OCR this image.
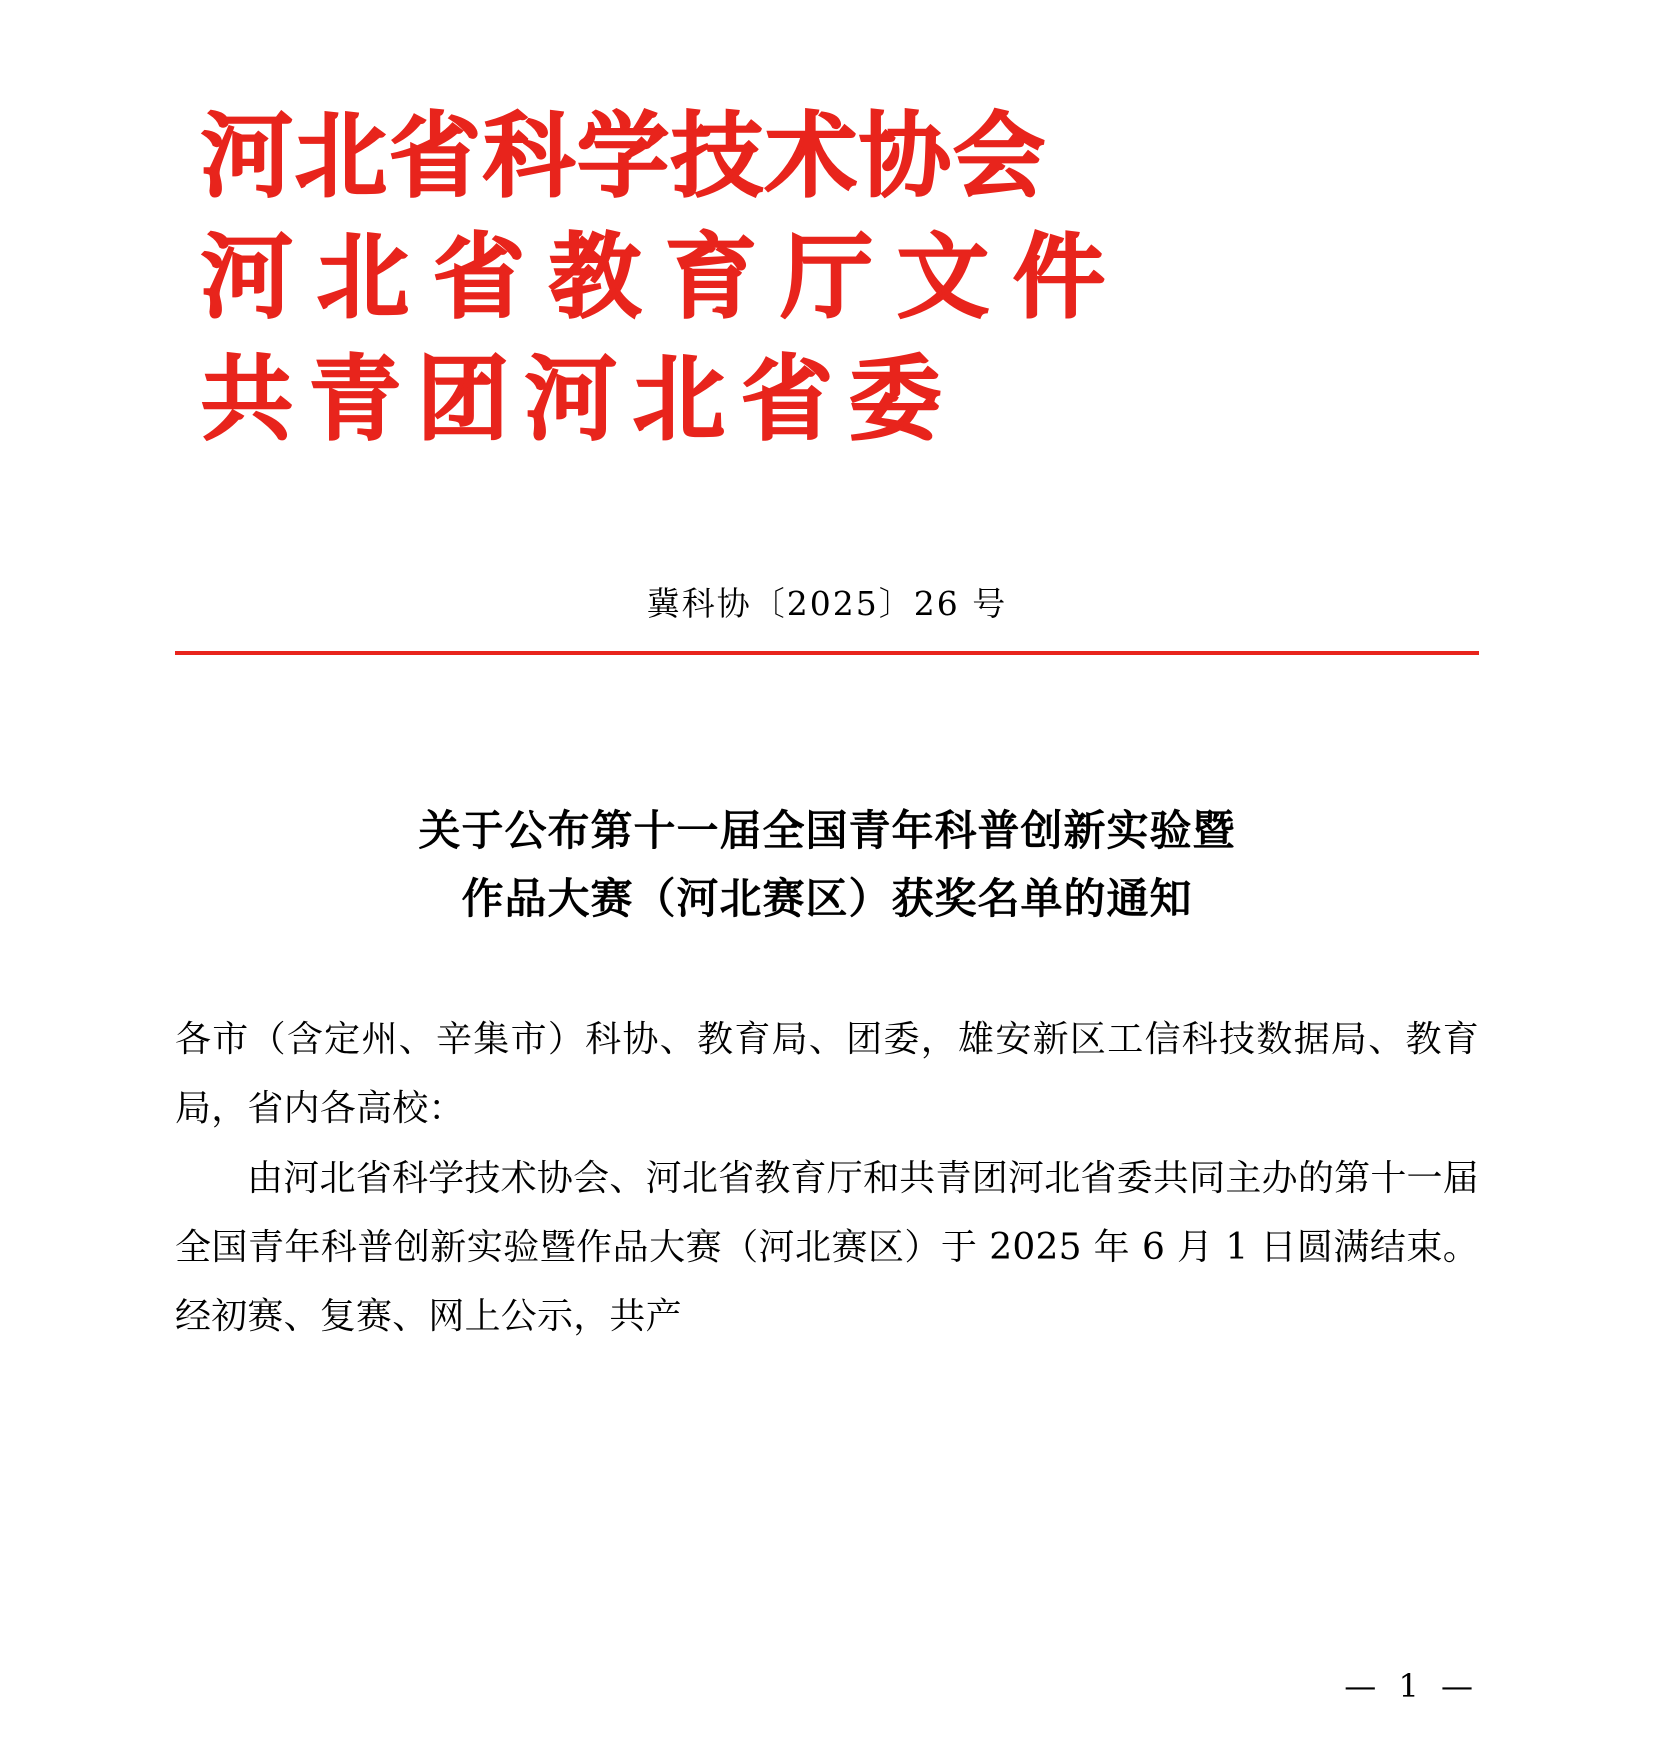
河北省科学技术协会
河北省教育厅文件
共青团河北省委
冀科协〔2025〕26 号
关于公布第十一届全国青年科普创新实验暨
作品大赛（河北赛区）获奖名单的通知

各市（含定州、辛集市）科协、教育局、团委，雄安新区工信科技数据局、教育局，省内各高校：

由河北省科学技术协会、河北省教育厅和共青团河北省委共同主办的第十一届全国青年科普创新实验暨作品大赛（河北赛区）于 2025 年 6 月 1 日圆满结束。经初赛、复赛、网上公示，共产

— 1 —
